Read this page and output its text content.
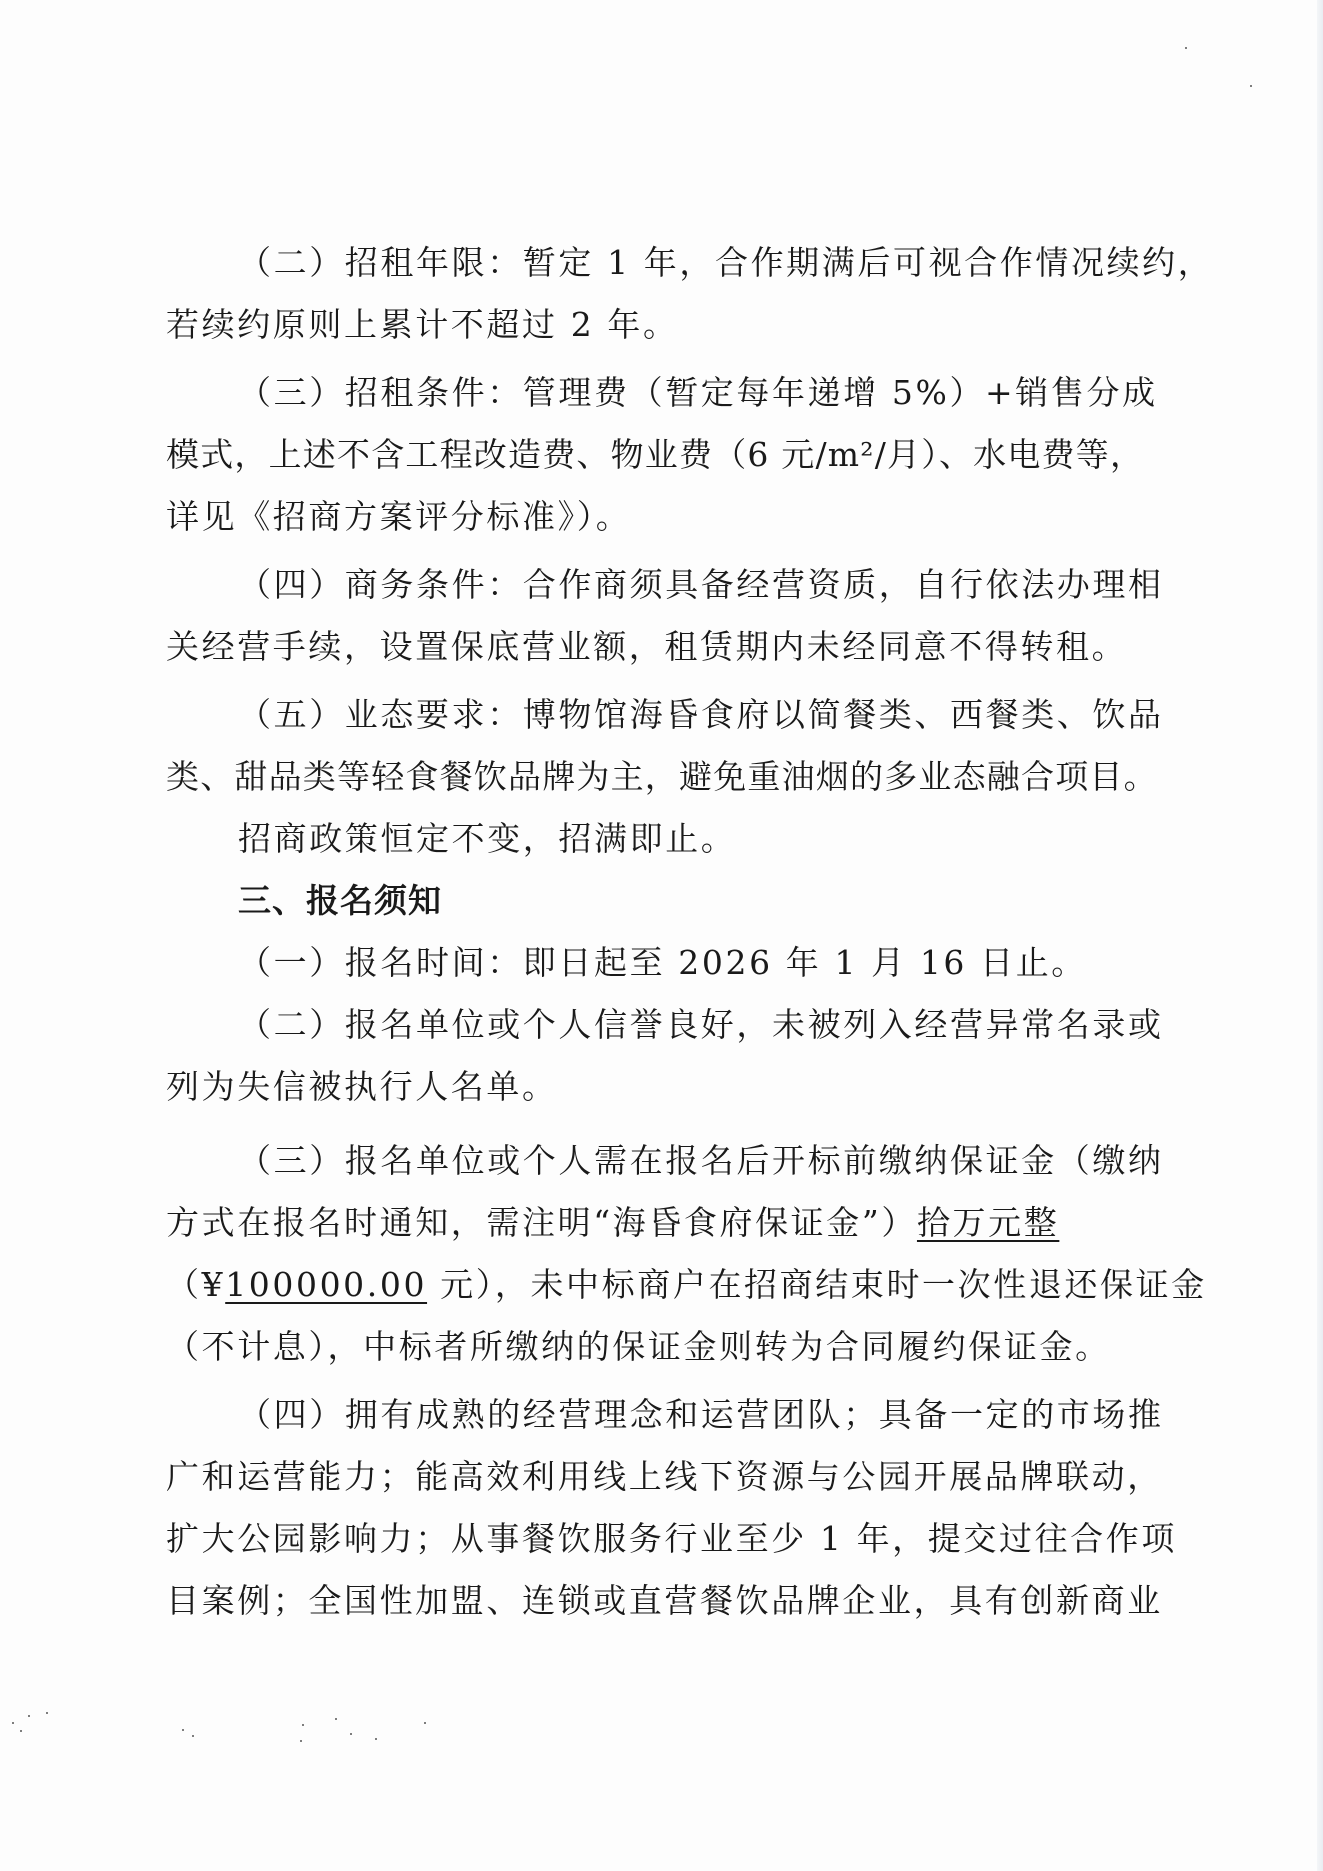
（二）招租年限：暂定 1 年，合作期满后可视合作情况续约，
若续约原则上累计不超过 2 年。
（三）招租条件：管理费（暂定每年递增 5%）+销售分成
模式，上述不含工程改造费、物业费（6 元/m²/月）、水电费等，
详见《招商方案评分标准》）。
（四）商务条件：合作商须具备经营资质，自行依法办理相
关经营手续，设置保底营业额，租赁期内未经同意不得转租。
（五）业态要求：博物馆海昏食府以简餐类、西餐类、饮品
类、甜品类等轻食餐饮品牌为主，避免重油烟的多业态融合项目。
招商政策恒定不变，招满即止。
三、报名须知
（一）报名时间：即日起至 2026 年 1 月 16 日止。
（二）报名单位或个人信誉良好，未被列入经营异常名录或
列为失信被执行人名单。
（三）报名单位或个人需在报名后开标前缴纳保证金（缴纳
方式在报名时通知，需注明“海昏食府保证金”）拾万元整
（¥100000.00 元），未中标商户在招商结束时一次性退还保证金
（不计息），中标者所缴纳的保证金则转为合同履约保证金。
（四）拥有成熟的经营理念和运营团队；具备一定的市场推
广和运营能力；能高效利用线上线下资源与公园开展品牌联动，
扩大公园影响力；从事餐饮服务行业至少 1 年，提交过往合作项
目案例；全国性加盟、连锁或直营餐饮品牌企业，具有创新商业
